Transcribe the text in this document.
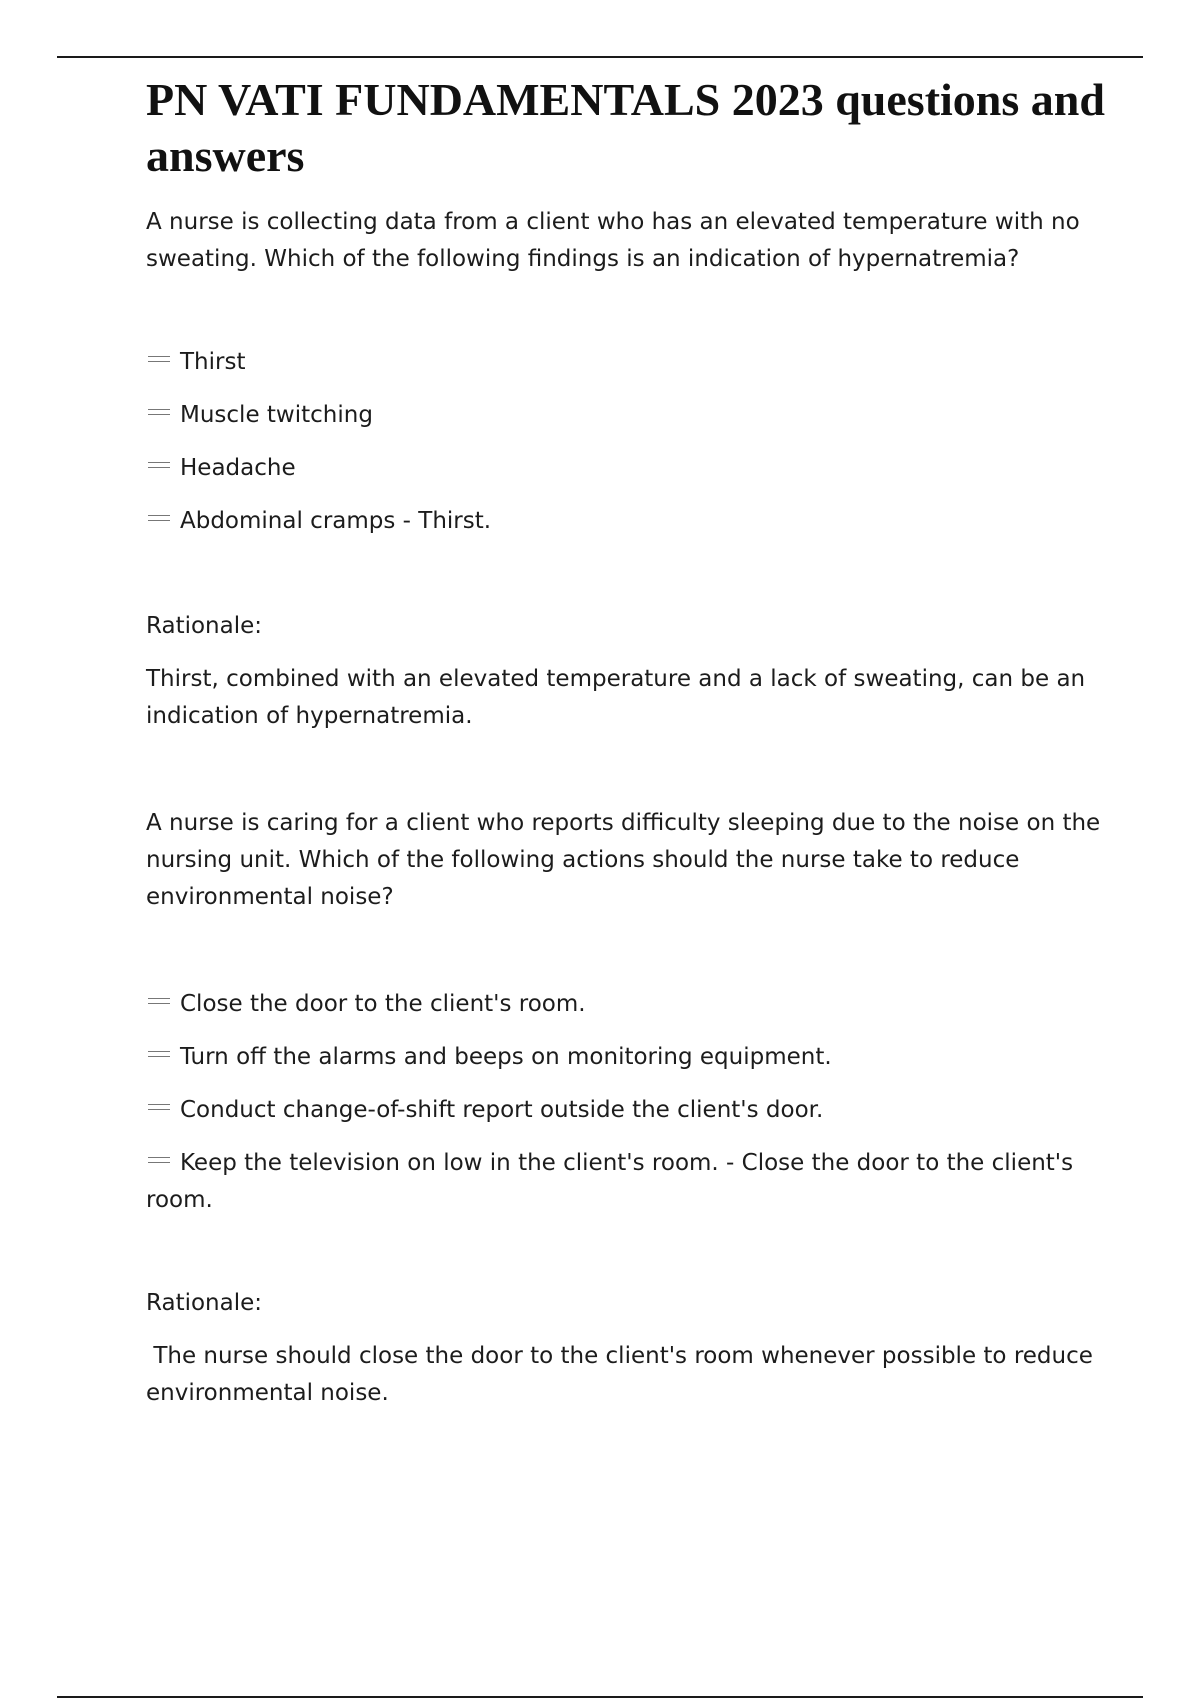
PN VATI FUNDAMENTALS 2023 questions and answers

A nurse is collecting data from a client who has an elevated temperature with no sweating. Which of the following findings is an indication of hypernatremia?

Thirst
Muscle twitching
Headache
Abdominal cramps - Thirst.

Rationale:

Thirst, combined with an elevated temperature and a lack of sweating, can be an indication of hypernatremia.

A nurse is caring for a client who reports difficulty sleeping due to the noise on the nursing unit. Which of the following actions should the nurse take to reduce environmental noise?

Close the door to the client's room.
Turn off the alarms and beeps on monitoring equipment.
Conduct change-of-shift report outside the client's door.
Keep the television on low in the client's room. - Close the door to the client's room.

Rationale:

The nurse should close the door to the client's room whenever possible to reduce environmental noise.
